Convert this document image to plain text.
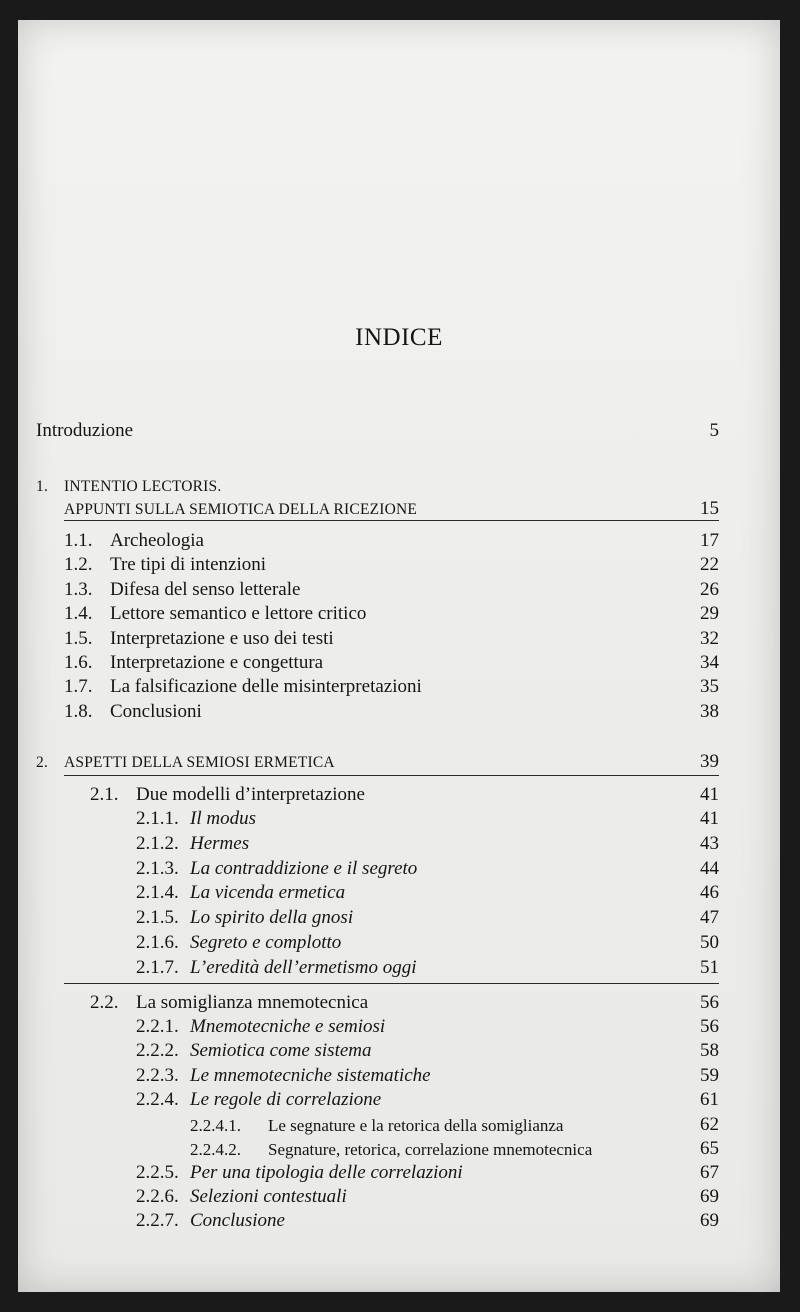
INDICE
Introduzione	5
1. INTENTIO LECTORIS.
APPUNTI SULLA SEMIOTICA DELLA RICEZIONE	15
1.1. Archeologia	17
1.2. Tre tipi di intenzioni	22
1.3. Difesa del senso letterale	26
1.4. Lettore semantico e lettore critico	29
1.5. Interpretazione e uso dei testi	32
1.6. Interpretazione e congettura	34
1.7. La falsificazione delle misinterpretazioni	35
1.8. Conclusioni	38
2. ASPETTI DELLA SEMIOSI ERMETICA	39
2.1. Due modelli d’interpretazione	41
2.1.1. Il modus	41
2.1.2. Hermes	43
2.1.3. La contraddizione e il segreto	44
2.1.4. La vicenda ermetica	46
2.1.5. Lo spirito della gnosi	47
2.1.6. Segreto e complotto	50
2.1.7. L’eredità dell’ermetismo oggi	51
2.2. La somiglianza mnemotecnica	56
2.2.1. Mnemotecniche e semiosi	56
2.2.2. Semiotica come sistema	58
2.2.3. Le mnemotecniche sistematiche	59
2.2.4. Le regole di correlazione	61
2.2.4.1. Le segnature e la retorica della somiglianza	62
2.2.4.2. Segnature, retorica, correlazione mnemotecnica	65
2.2.5. Per una tipologia delle correlazioni	67
2.2.6. Selezioni contestuali	69
2.2.7. Conclusione	69
